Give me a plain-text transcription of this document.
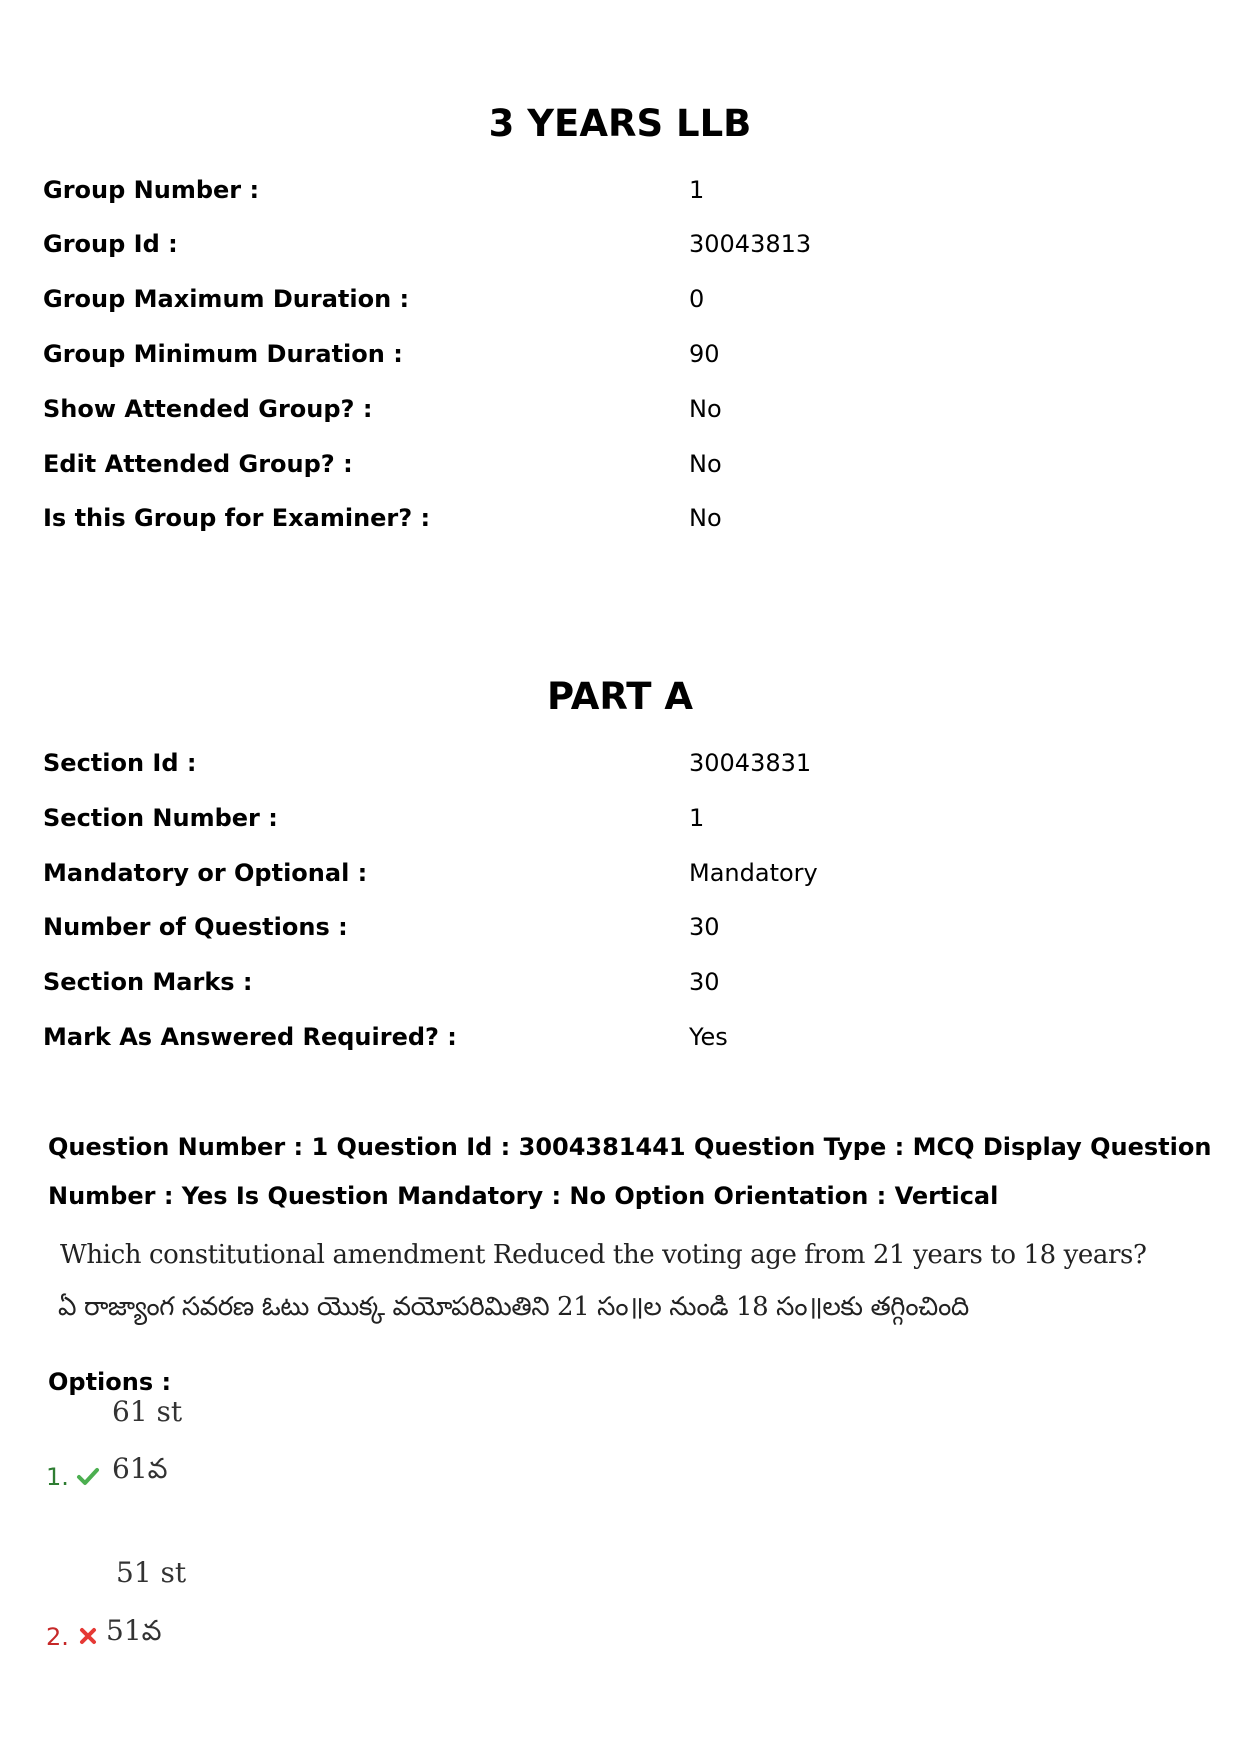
3 YEARS LLB
Group Number :	1
Group Id :	30043813
Group Maximum Duration :	0
Group Minimum Duration :	90
Show Attended Group? :	No
Edit Attended Group? :	No
Is this Group for Examiner? :	No
PART A
Section Id :	30043831
Section Number :	1
Mandatory or Optional :	Mandatory
Number of Questions :	30
Section Marks :	30
Mark As Answered Required? :	Yes
Question Number : 1 Question Id : 3004381441 Question Type : MCQ Display Question
Number : Yes Is Question Mandatory : No Option Orientation : Vertical
Which constitutional amendment Reduced the voting age from 21 years to 18 years?
ఏ రాజ్యాంగ సవరణ ఓటు యొక్క వయోపరిమితిని 21 సం॥ల నుండి 18 సం॥లకు తగ్గించింది
Options :
61 st
1. 61వ
51 st
2. 51వ
